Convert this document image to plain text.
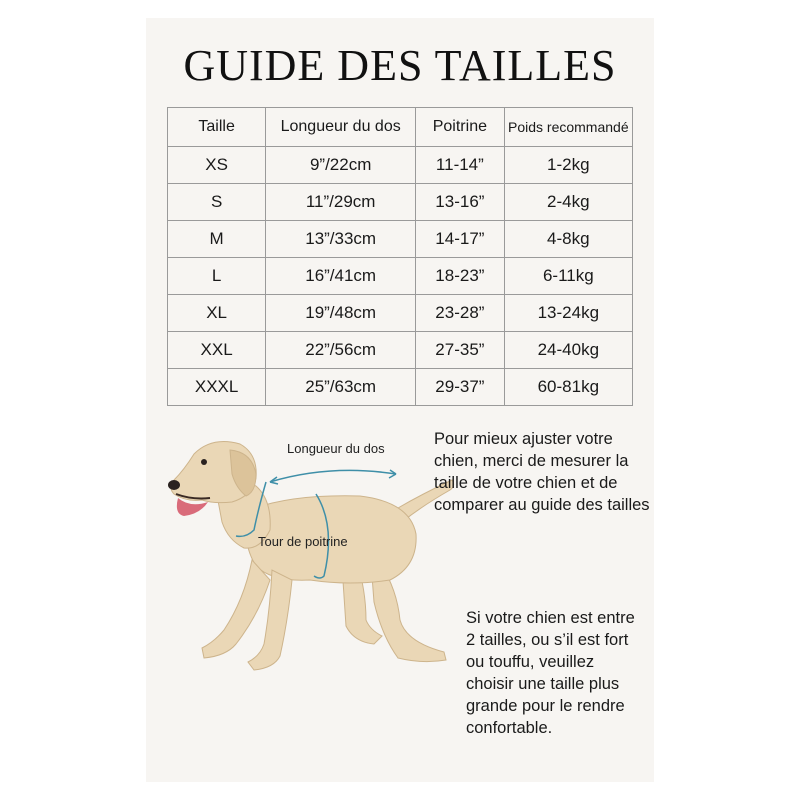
GUIDE DES TAILLES
Taille	Longueur du dos	Poitrine	Poids recommandé
XS	9”/22cm	11-14”	1-2kg
S	11”/29cm	13-16”	2-4kg
M	13”/33cm	14-17”	4-8kg
L	16”/41cm	18-23”	6-11kg
XL	19”/48cm	23-28”	13-24kg
XXL	22”/56cm	27-35”	24-40kg
XXXL	25”/63cm	29-37”	60-81kg
Longueur du dos
Tour de poitrine
Pour mieux ajuster votre chien, merci de mesurer la taille de votre chien et de comparer au guide des tailles
Si votre chien est entre 2 tailles, ou s’il est fort ou touffu, veuillez choisir une taille plus grande pour le rendre confortable.
